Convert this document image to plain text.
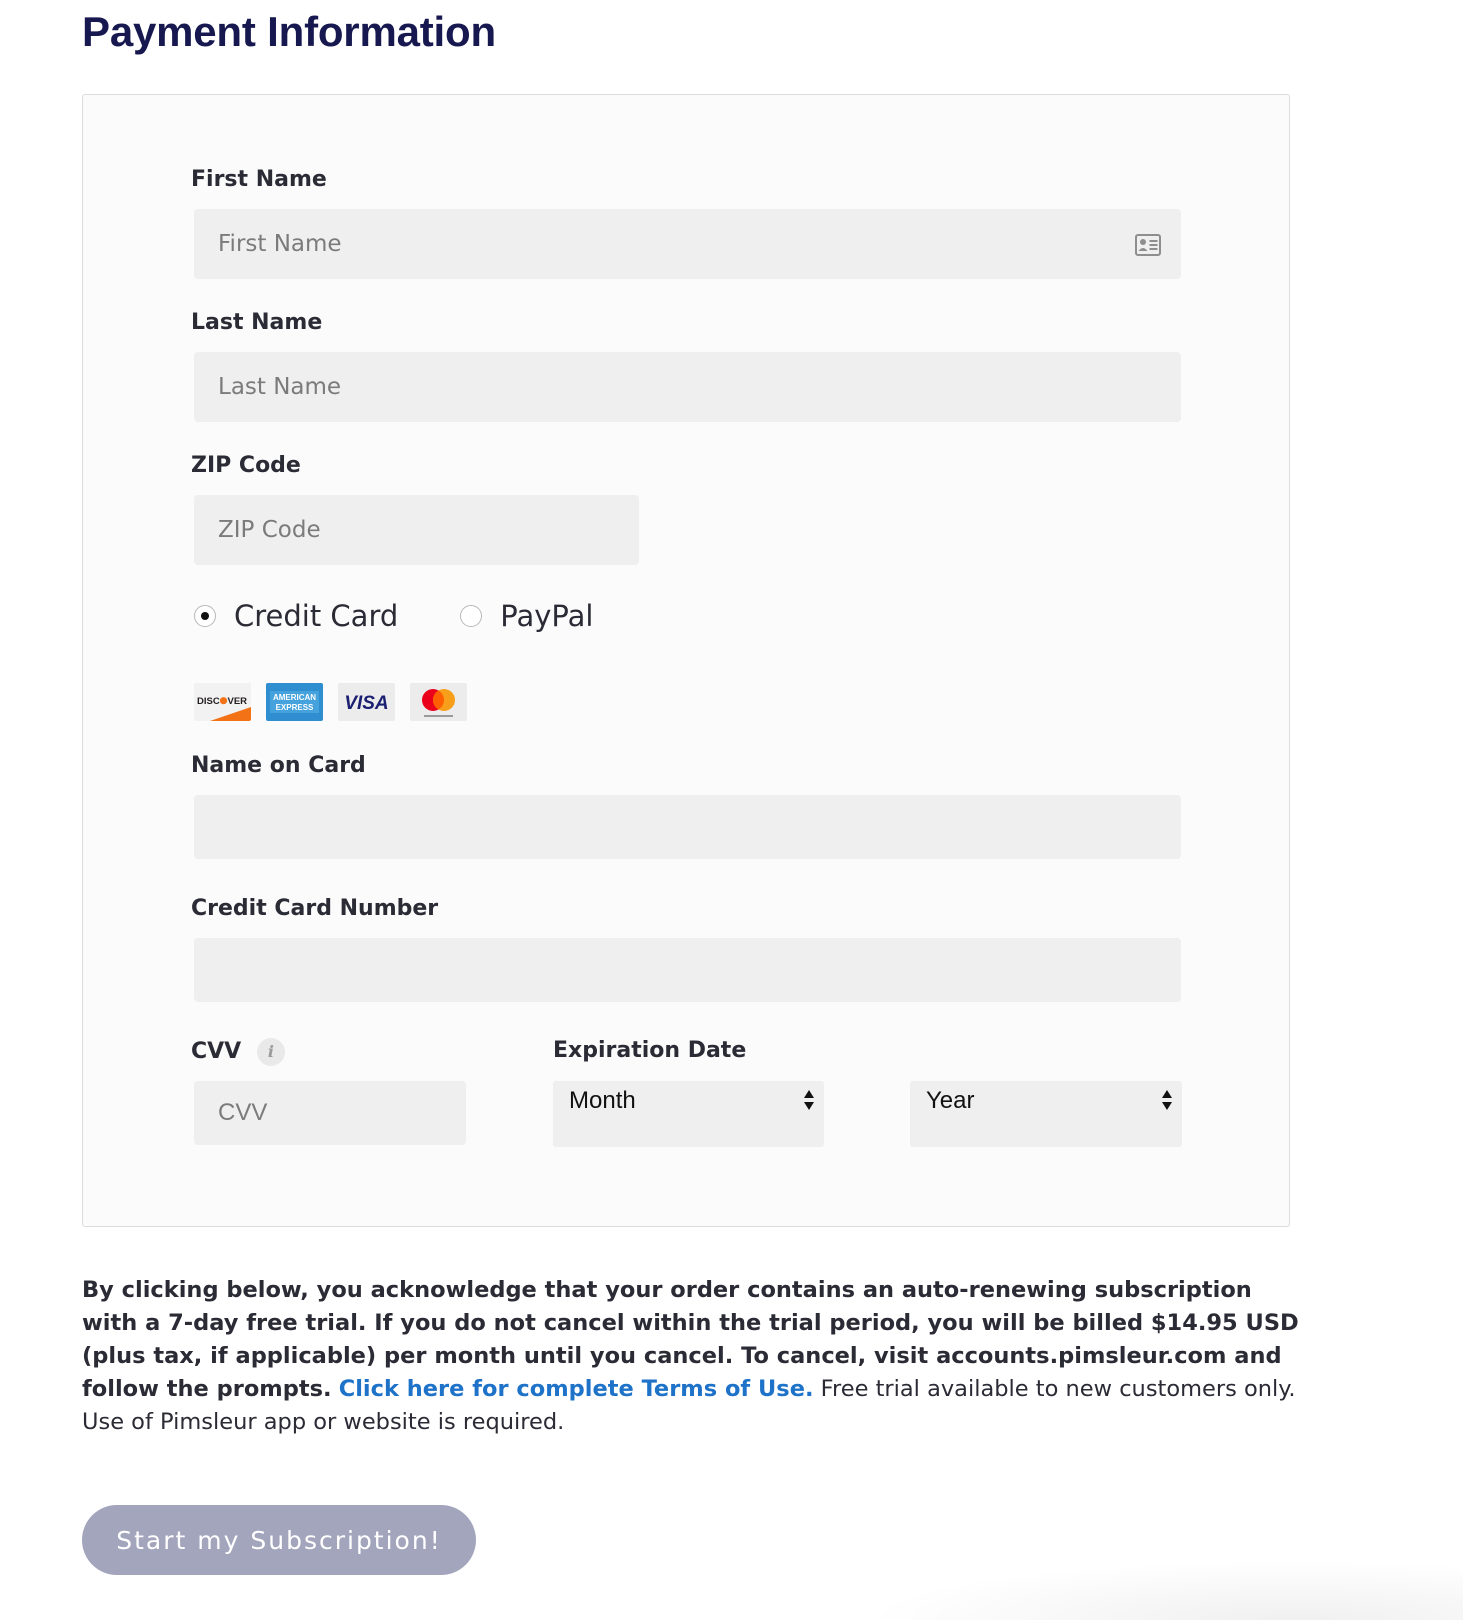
Payment Information
First Name
First Name
Last Name
Last Name
ZIP Code
ZIP Code
Credit Card	PayPal
DISC VER	AMERICAN
EXPRESS VISA
Name on Card
Credit Card Number
CVV i
CVV	Expiration Date
Month	Year

By clicking below, you acknowledge that your order contains an auto-renewing subscription with a 7-day free trial. If you do not cancel within the trial period, you will be billed $14.95 USD (plus tax, if applicable) per month until you cancel. To cancel, visit accounts.pimsleur.com and follow the prompts. Click here for complete Terms of Use. Free trial available to new customers only. Use of Pimsleur app or website is required.

Start my Subscription!
